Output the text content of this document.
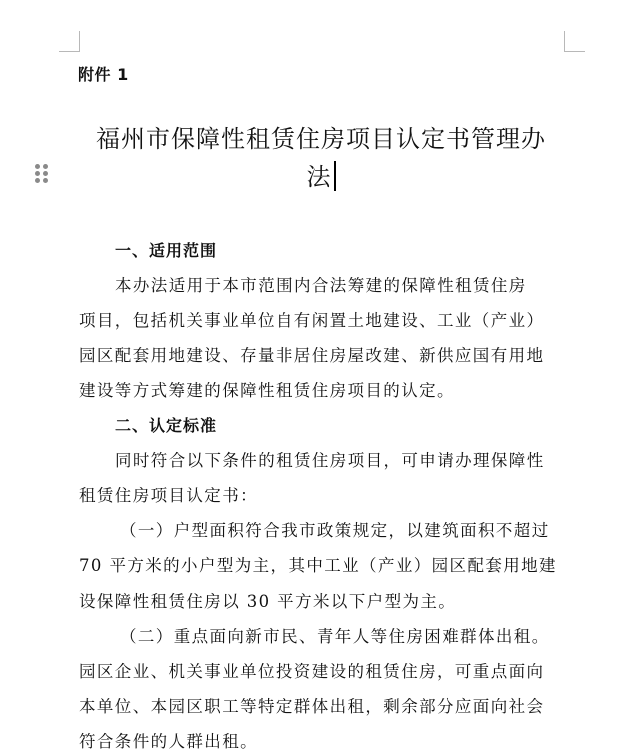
附件 1
福州市保障性租赁住房项目认定书管理办
法
一、适用范围
本办法适用于本市范围内合法筹建的保障性租赁住房
项目，包括机关事业单位自有闲置土地建设、工业（产业）
园区配套用地建设、存量非居住房屋改建、新供应国有用地
建设等方式筹建的保障性租赁住房项目的认定。
二、认定标准
同时符合以下条件的租赁住房项目，可申请办理保障性
租赁住房项目认定书：
（一）户型面积符合我市政策规定，以建筑面积不超过
70 平方米的小户型为主，其中工业（产业）园区配套用地建
设保障性租赁住房以 30 平方米以下户型为主。
（二）重点面向新市民、青年人等住房困难群体出租。
园区企业、机关事业单位投资建设的租赁住房，可重点面向
本单位、本园区职工等特定群体出租，剩余部分应面向社会
符合条件的人群出租。
